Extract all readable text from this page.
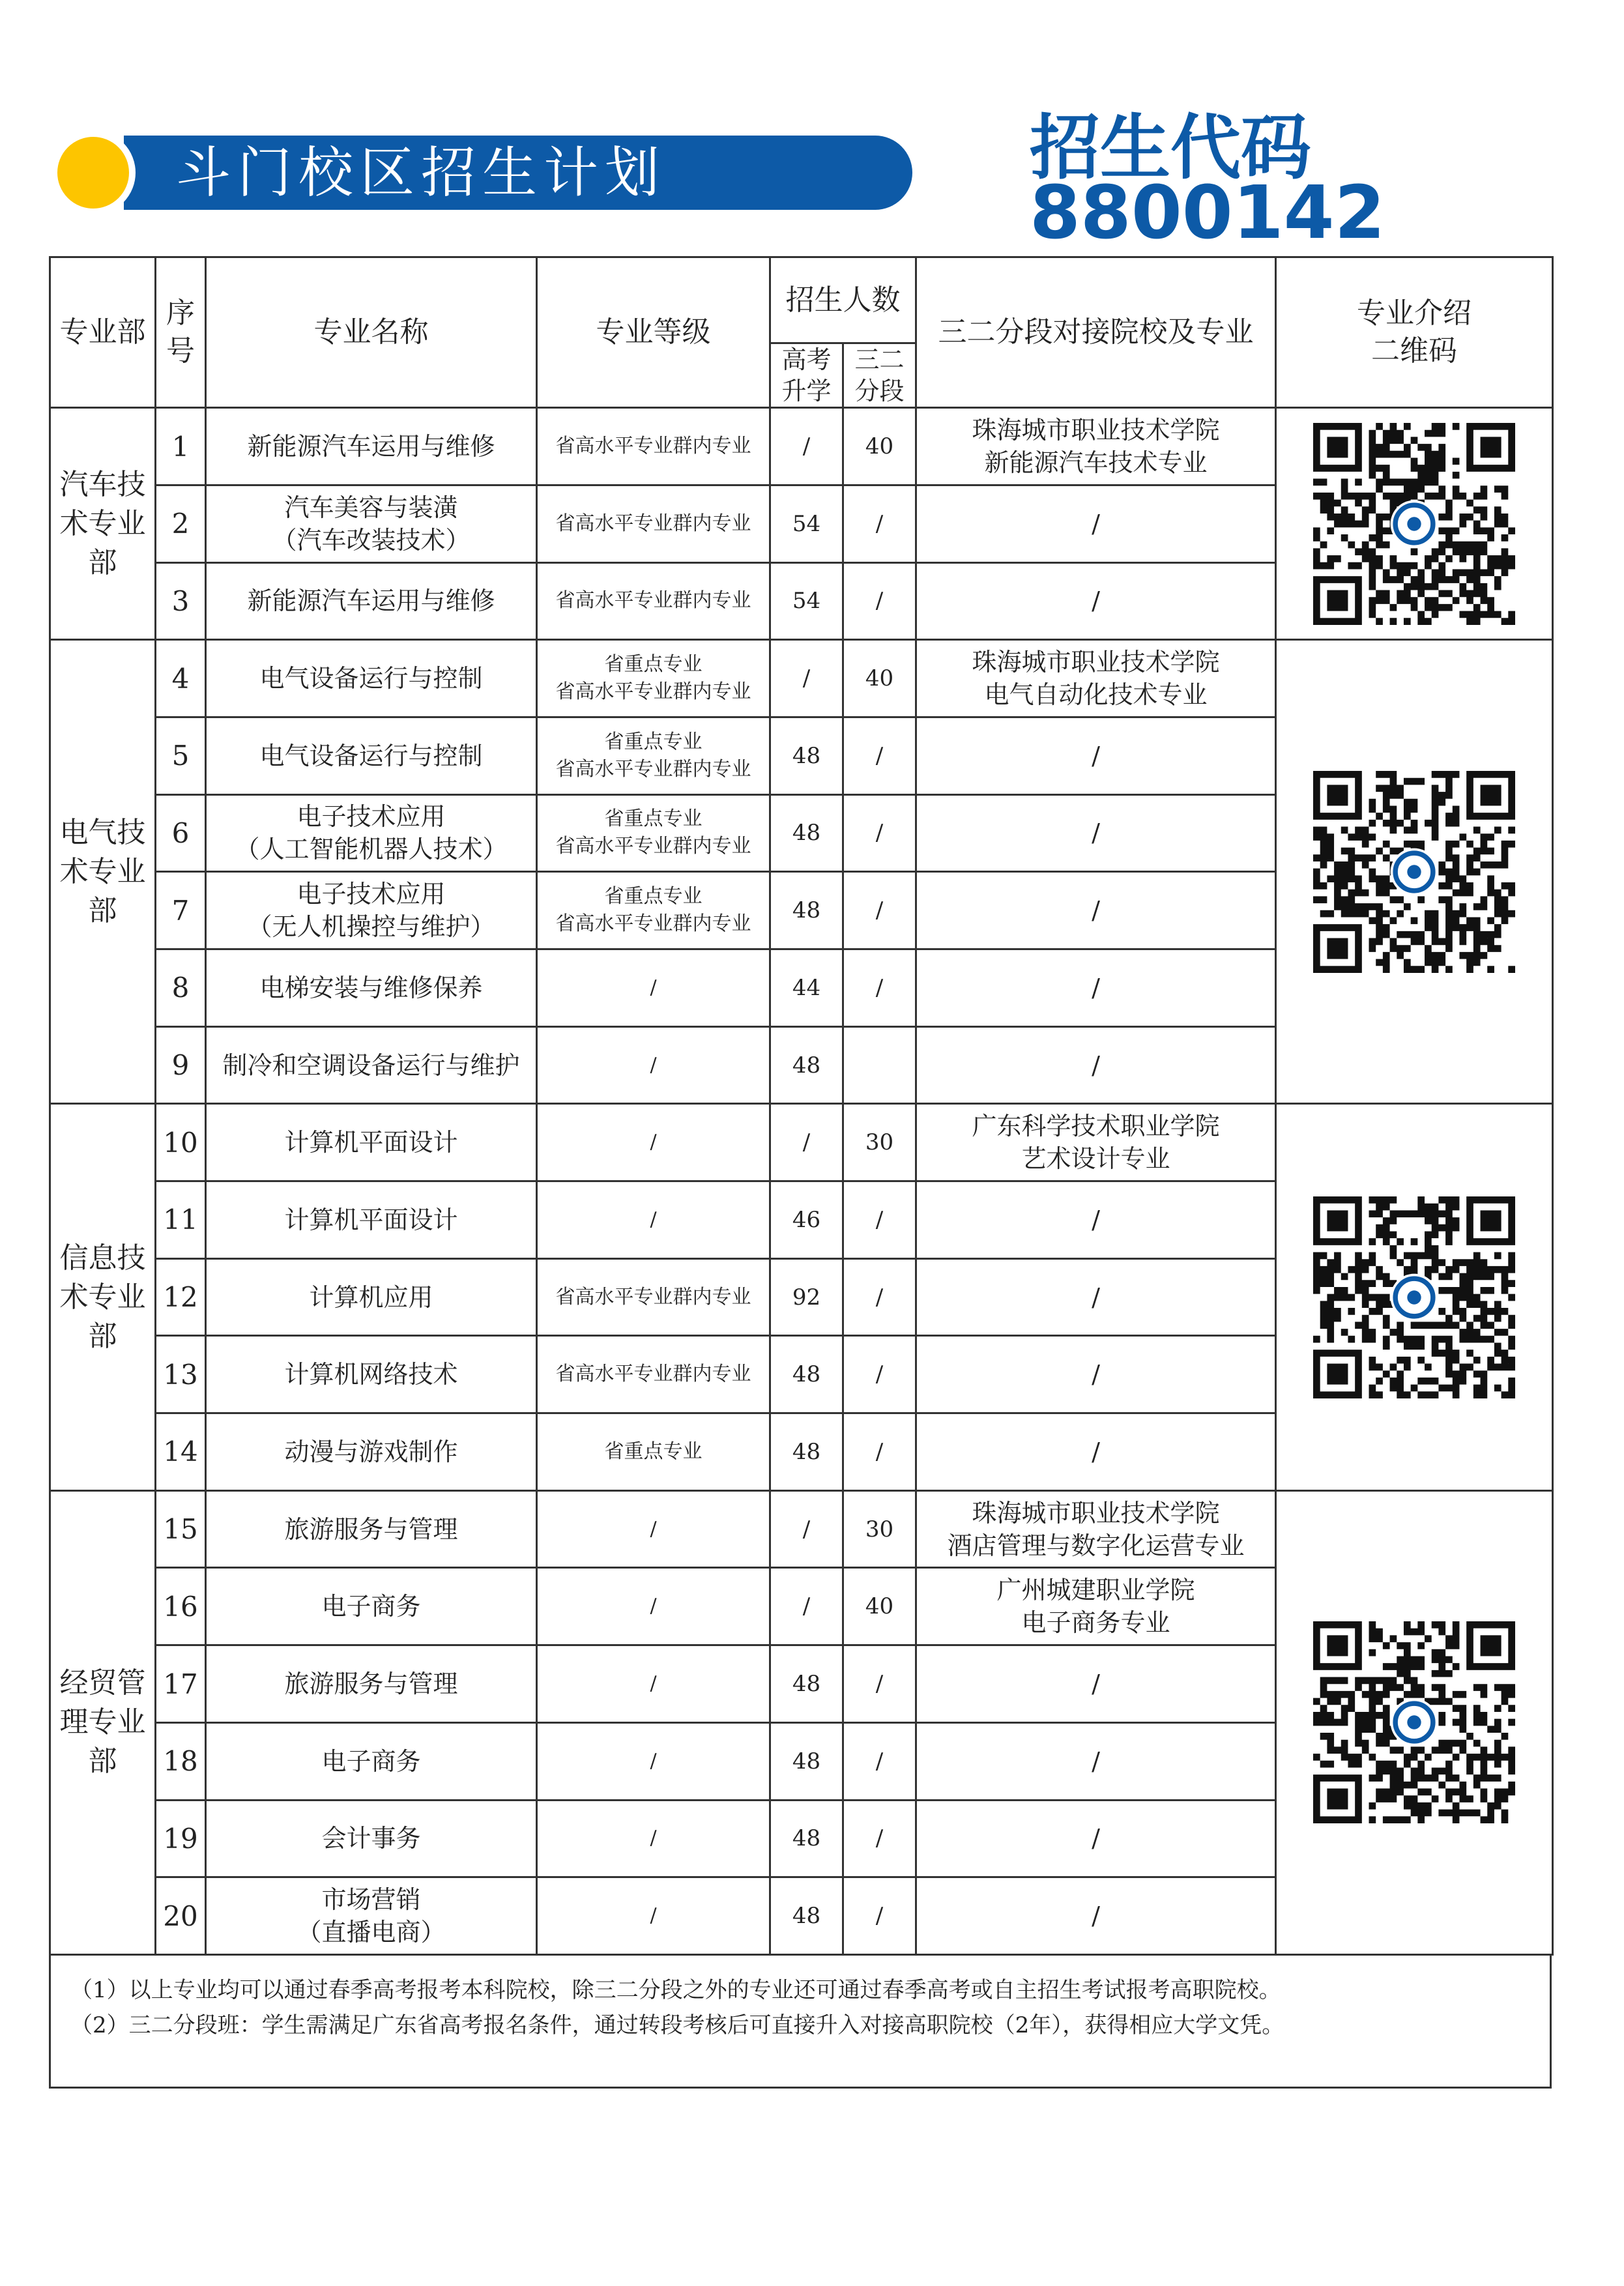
斗门校区招生计划	招生代码
8800142
专业部	序号	专业名称	专业等级	招生人数		三二分段对接院校及专业	专业介绍二维码

				高考升学	三二分段		

汽车技术专业部	1	新能源汽车运用与维修	省高水平专业群内专业	/	40	珠海城市职业技术学院
新能源汽车技术专业	

	2	汽车美容与装潢
（汽车改装技术）	省高水平专业群内专业	54	/	/	
	3	新能源汽车运用与维修	省高水平专业群内专业	54	/	/	

电气技术专业部	4	电气设备运行与控制	省重点专业
省高水平专业群内专业	/	40	珠海城市职业技术学院
电气自动化技术专业	

	5	电气设备运行与控制	省重点专业
省高水平专业群内专业	48	/	/	
	6	电子技术应用
（人工智能机器人技术）	省重点专业
省高水平专业群内专业	48	/	/	
	7	电子技术应用
（无人机操控与维护）	省重点专业
省高水平专业群内专业	48	/	/	
	8	电梯安装与维修保养	/	44	/	/	
	9	制冷和空调设备运行与维护	/	48		/	

信息技术专业部	10	计算机平面设计	/	/	30	广东科学技术职业学院
艺术设计专业	

	11	计算机平面设计	/	46	/	/	
	12	计算机应用	省高水平专业群内专业	92	/	/	
	13	计算机网络技术	省高水平专业群内专业	48	/	/	
	14	动漫与游戏制作	省重点专业	48	/	/	

经贸管理专业部	15	旅游服务与管理	/	/	30	珠海城市职业技术学院
酒店管理与数字化运营专业	

	16	电子商务	/	/	40	广州城建职业学院
电子商务专业	
	17	旅游服务与管理	/	48	/	/	
	18	电子商务	/	48	/	/	
	19	会计事务	/	48	/	/	
	20	市场营销
（直播电商）	/	48	/	/	
（1）以上专业均可以通过春季高考报考本科院校，除三二分段之外的专业还可通过春季高考或自主招生考试报考高职院校。
（2）三二分段班：学生需满足广东省高考报名条件，通过转段考核后可直接升入对接高职院校（2年），获得相应大学文凭。
